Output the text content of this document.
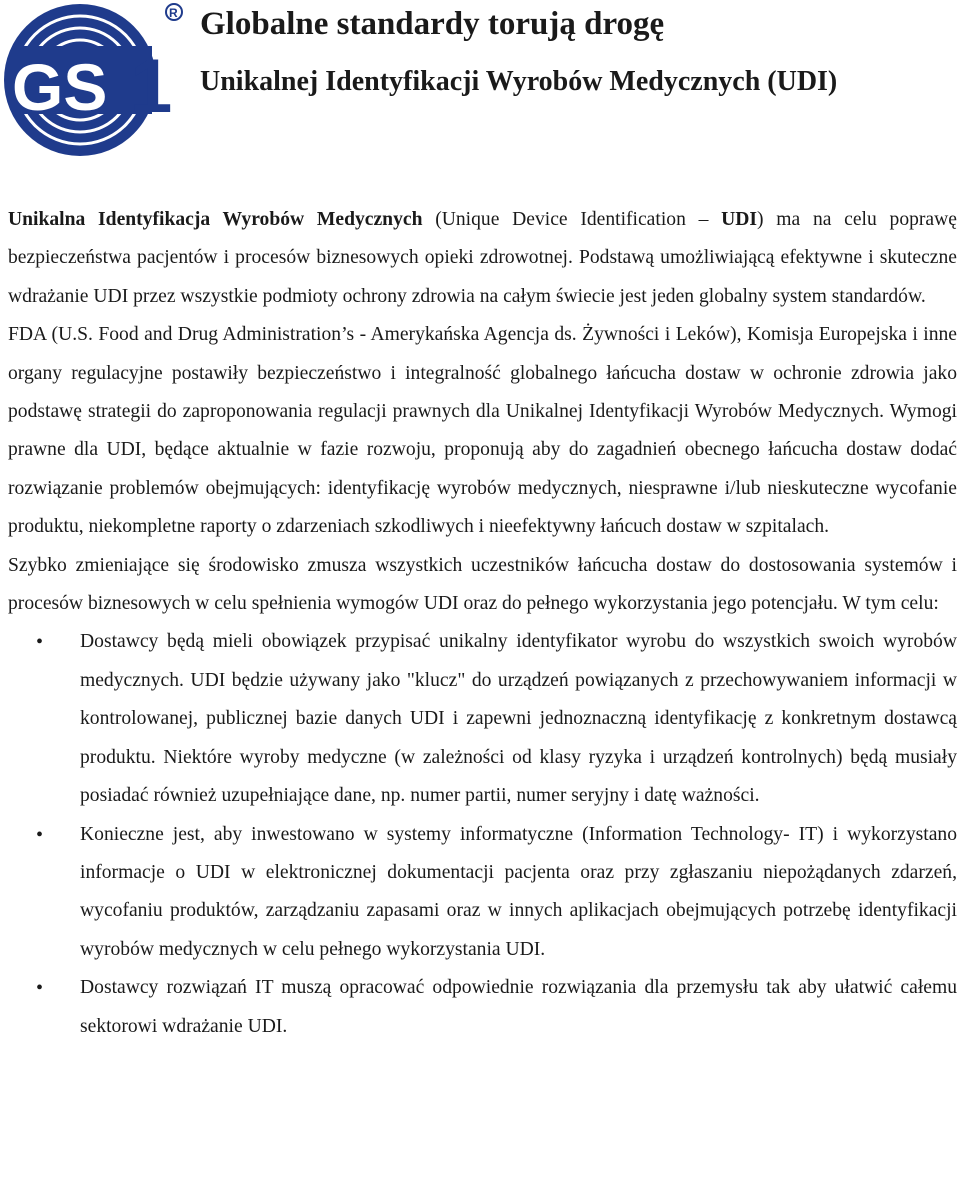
GS 1
R Globalne standardy torują drogę
Unikalnej Identyfikacji Wyrobów Medycznych (UDI)

Unikalna Identyfikacja Wyrobów Medycznych (Unique Device Identification – UDI) ma na celu poprawę bezpieczeństwa pacjentów i procesów biznesowych opieki zdrowotnej. Podstawą umożliwiającą efektywne i skuteczne wdrażanie UDI przez wszystkie podmioty ochrony zdrowia na całym świecie jest jeden globalny system standardów.

FDA (U.S. Food and Drug Administration’s - Amerykańska Agencja ds. Żywności i Leków), Komisja Europejska i inne organy regulacyjne postawiły bezpieczeństwo i integralność globalnego łańcucha dostaw w ochronie zdrowia jako podstawę strategii do zaproponowania regulacji prawnych dla Unikalnej Identyfikacji Wyrobów Medycznych. Wymogi prawne dla UDI, będące aktualnie w fazie rozwoju, proponują aby do zagadnień obecnego łańcucha dostaw dodać rozwiązanie problemów obejmujących: identyfikację wyrobów medycznych, niesprawne i/lub nieskuteczne wycofanie produktu, niekompletne raporty o zdarzeniach szkodliwych i nieefektywny łańcuch dostaw w szpitalach.

Szybko zmieniające się środowisko zmusza wszystkich uczestników łańcucha dostaw do dostosowania systemów i procesów biznesowych w celu spełnienia wymogów UDI oraz do pełnego wykorzystania jego potencjału. W tym celu:

• Dostawcy będą mieli obowiązek przypisać unikalny identyfikator wyrobu do wszystkich swoich wyrobów medycznych. UDI będzie używany jako "klucz" do urządzeń powiązanych z przechowywaniem informacji w kontrolowanej, publicznej bazie danych UDI i zapewni jednoznaczną identyfikację z konkretnym dostawcą produktu. Niektóre wyroby medyczne (w zależności od klasy ryzyka i urządzeń kontrolnych) będą musiały posiadać również uzupełniające dane, np. numer partii, numer seryjny i datę ważności.
• Konieczne jest, aby inwestowano w systemy informatyczne (Information Technology- IT) i wykorzystano informacje o UDI w elektronicznej dokumentacji pacjenta oraz przy zgłaszaniu niepożądanych zdarzeń, wycofaniu produktów, zarządzaniu zapasami oraz w innych aplikacjach obejmujących potrzebę identyfikacji wyrobów medycznych w celu pełnego wykorzystania UDI.
• Dostawcy rozwiązań IT muszą opracować odpowiednie rozwiązania dla przemysłu tak aby ułatwić całemu sektorowi wdrażanie UDI.
